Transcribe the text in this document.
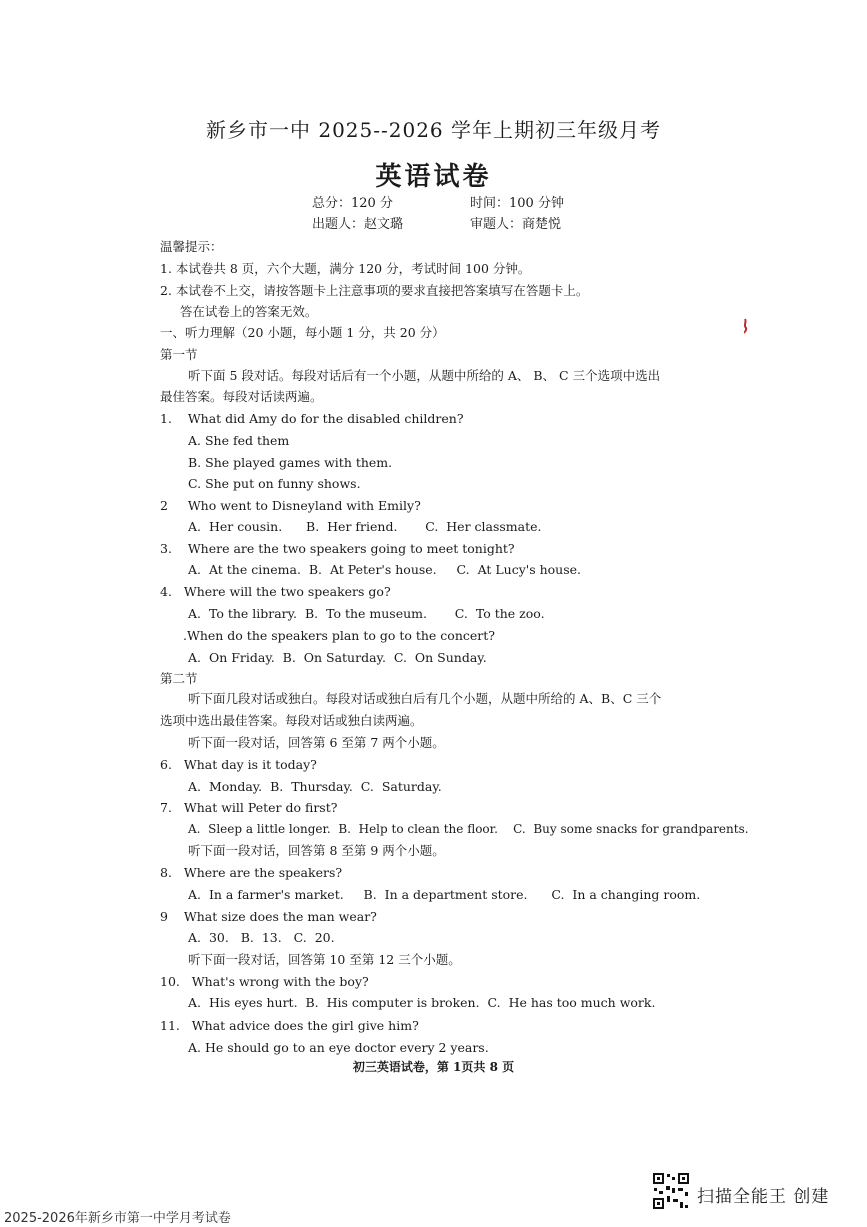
新乡市一中 2025--2026 学年上期初三年级月考
英语试卷
总分：120 分	时间：100 分钟
出题人：赵文璐	审题人：商楚悦
温馨提示：
1. 本试卷共 8 页，六个大题，满分 120 分，考试时间 100 分钟。
2. 本试卷不上交，请按答题卡上注意事项的要求直接把答案填写在答题卡上。
答在试卷上的答案无效。
一、听力理解（20 小题，每小题 1 分，共 20 分）
第一节
听下面 5 段对话。每段对话后有一个小题，从题中所给的 A、 B、 C 三个选项中选出
最佳答案。每段对话读两遍。
1.    What did Amy do for the disabled children?
A. She fed them
B. She played games with them.
C. She put on funny shows.
2     Who went to Disneyland with Emily?
A.  Her cousin.      B.  Her friend.       C.  Her classmate.
3.    Where are the two speakers going to meet tonight?
A.  At the cinema.  B.  At Peter's house.     C.  At Lucy's house.
4.   Where will the two speakers go?
A.  To the library.  B.  To the museum.       C.  To the zoo.
.When do the speakers plan to go to the concert?
A.  On Friday.  B.  On Saturday.  C.  On Sunday.
第二节
听下面几段对话或独白。每段对话或独白后有几个小题，从题中所给的 A、B、C 三个
选项中选出最佳答案。每段对话或独白读两遍。
听下面一段对话，回答第 6 至第 7 两个小题。
6.   What day is it today?
A.  Monday.  B.  Thursday.  C.  Saturday.
7.   What will Peter do first?
A.  Sleep a little longer.  B.  Help to clean the floor.    C.  Buy some snacks for grandparents.
听下面一段对话，回答第 8 至第 9 两个小题。
8.   Where are the speakers?
A.  In a farmer's market.     B.  In a department store.      C.  In a changing room.
9    What size does the man wear?
A.  30.   B.  13.   C.  20.
听下面一段对话，回答第 10 至第 12 三个小题。
10.   What's wrong with the boy?
A.  His eyes hurt.  B.  His computer is broken.  C.  He has too much work.
11.   What advice does the girl give him?
A. He should go to an eye doctor every 2 years.
初三英语试卷，第 1页共 8 页
扫描全能王 创建
2025-2026年新乡市第一中学月考试卷
